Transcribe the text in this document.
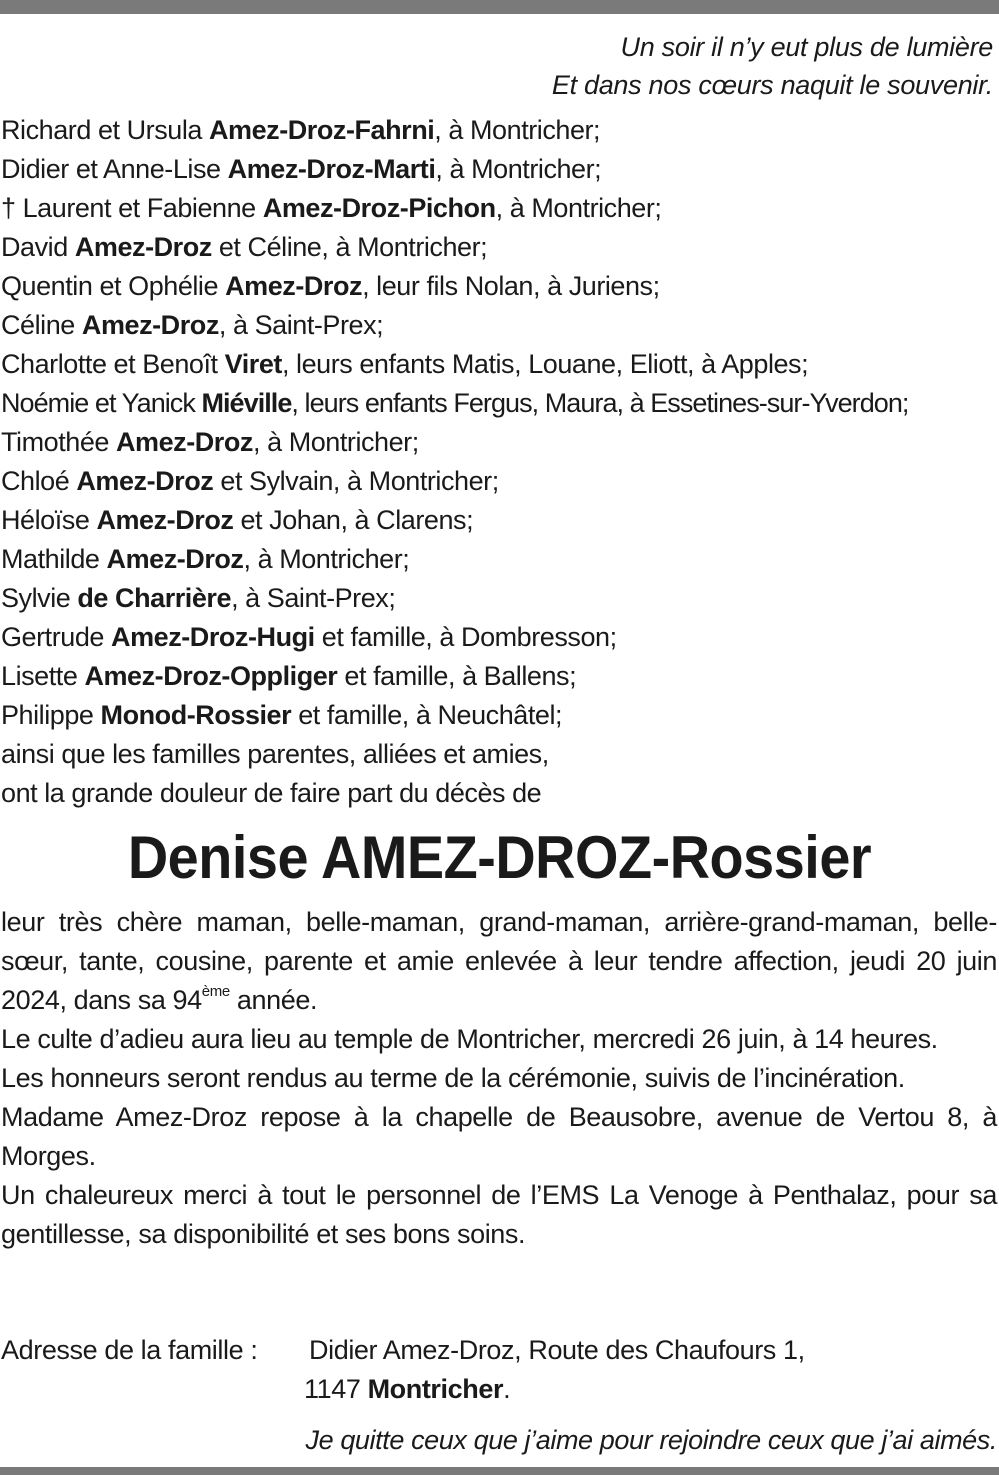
Un soir il n’y eut plus de lumière
Et dans nos cœurs naquit le souvenir.
Richard et Ursula Amez-Droz-Fahrni, à Montricher;
Didier et Anne-Lise Amez-Droz-Marti, à Montricher;
† Laurent et Fabienne Amez-Droz-Pichon, à Montricher;
David Amez-Droz et Céline, à Montricher;
Quentin et Ophélie Amez-Droz, leur fils Nolan, à Juriens;
Céline Amez-Droz, à Saint-Prex;
Charlotte et Benoît Viret, leurs enfants Matis, Louane, Eliott, à Apples;
Noémie et Yanick Miéville, leurs enfants Fergus, Maura, à Essetines-sur-Yverdon;
Timothée Amez-Droz, à Montricher;
Chloé Amez-Droz et Sylvain, à Montricher;
Héloïse Amez-Droz et Johan, à Clarens;
Mathilde Amez-Droz, à Montricher;
Sylvie de Charrière, à Saint-Prex;
Gertrude Amez-Droz-Hugi et famille, à Dombresson;
Lisette Amez-Droz-Oppliger et famille, à Ballens;
Philippe Monod-Rossier et famille, à Neuchâtel;
ainsi que les familles parentes, alliées et amies,
ont la grande douleur de faire part du décès de
Denise AMEZ-DROZ-Rossier

leur très chère maman, belle-maman, grand-maman, arrière-grand-maman, belle-sœur, tante, cousine, parente et amie enlevée à leur tendre affection, jeudi 20 juin 2024, dans sa 94ème année.

Le culte d’adieu aura lieu au temple de Montricher, mercredi 26 juin, à 14 heures.

Les honneurs seront rendus au terme de la cérémonie, suivis de l’incinération.

Madame Amez-Droz repose à la chapelle de Beausobre, avenue de Vertou 8, à Morges.

Un chaleureux merci à tout le personnel de l’EMS La Venoge à Penthalaz, pour sa gentillesse, sa disponibilité et ses bons soins.

Adresse de la famille : Didier Amez-Droz, Route des Chaufours 1,
1147 Montricher.
Je quitte ceux que j’aime pour rejoindre ceux que j’ai aimés.
